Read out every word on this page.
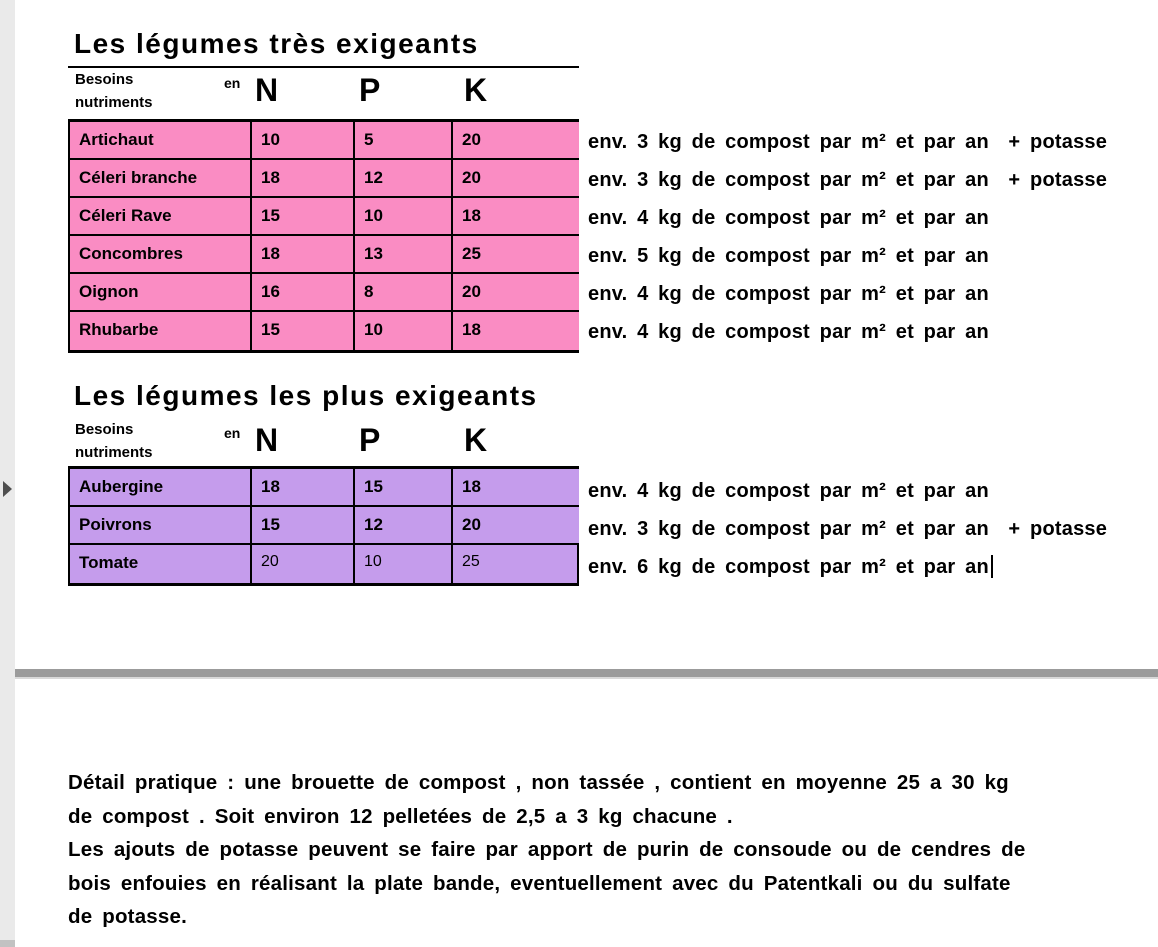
Les légumes très exigeants
Besoins
nutriments
en N	P	K
Artichaut	10	5	20
Céleri branche	18	12	20
Céleri Rave	15	10	18
Concombres	18	13	25
Oignon	16	8	20
Rhubarbe	15	10	18
env. 3 kg de compost par m² et par an  + potasse
env. 3 kg de compost par m² et par an  + potasse
env. 4 kg de compost par m² et par an
env. 5 kg de compost par m² et par an
env. 4 kg de compost par m² et par an
env. 4 kg de compost par m² et par an
Les légumes les plus exigeants
Besoins
nutriments
en N	P	K
Aubergine	18	15	18
Poivrons	15	12	20
Tomate	20	10	25
env. 4 kg de compost par m² et par an
env. 3 kg de compost par m² et par an  + potasse
env. 6 kg de compost par m² et par an
Détail pratique : une brouette de compost , non tassée , contient en moyenne 25 a 30 kg
de compost . Soit environ 12 pelletées de 2,5 a 3 kg chacune .
Les ajouts de potasse peuvent se faire par apport de purin de consoude ou de cendres de
bois enfouies en réalisant la plate bande, eventuellement avec du Patentkali ou du sulfate
de potasse.
